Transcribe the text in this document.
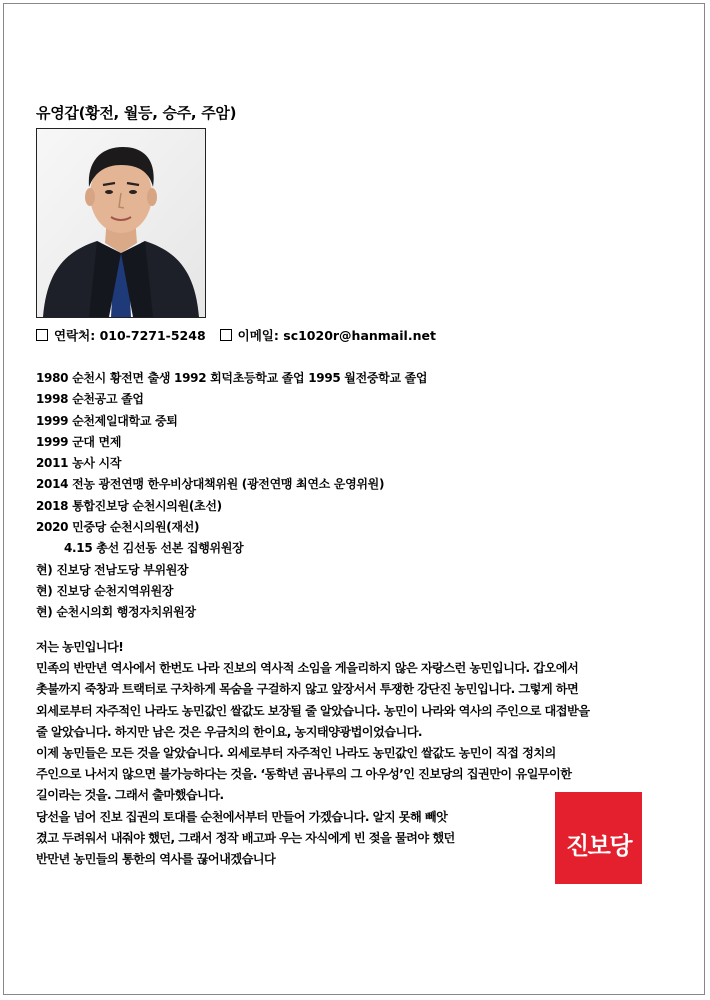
유영갑(황전, 월등, 승주, 주암)
연락처: 010-7271-5248	이메일: sc1020r@hanmail.net
1980 순천시 황전면 출생 1992 회덕초등학교 졸업 1995 월전중학교 졸업
1998 순천공고 졸업
1999 순천제일대학교 중퇴
1999 군대 면제
2011 농사 시작
2014 전농 광전연맹 한우비상대책위원 (광전연맹 최연소 운영위원)
2018 통합진보당 순천시의원(초선)
2020 민중당 순천시의원(재선)
4.15 총선 김선동 선본 집행위원장
현) 진보당 전남도당 부위원장
현) 진보당 순천지역위원장
현) 순천시의회 행정자치위원장
저는 농민입니다!
민족의 반만년 역사에서 한번도 나라 진보의 역사적 소임을 게을리하지 않은 자랑스런 농민입니다. 갑오에서
촛불까지 죽창과 트랙터로 구차하게 목숨을 구걸하지 않고 앞장서서 투쟁한 강단진 농민입니다. 그렇게 하면
외세로부터 자주적인 나라도 농민값인 쌀값도 보장될 줄 알았습니다. 농민이 나라와 역사의 주인으로 대접받을
줄 알았습니다. 하지만 남은 것은 우금치의 한이요, 농지태양광법이었습니다.
이제 농민들은 모든 것을 알았습니다. 외세로부터 자주적인 나라도 농민값인 쌀값도 농민이 직접 정치의
주인으로 나서지 않으면 불가능하다는 것을. ‘동학년 곰나루의 그 아우성’인 진보당의 집권만이 유일무이한
길이라는 것을. 그래서 출마했습니다.
당선을 넘어 진보 집권의 토대를 순천에서부터 만들어 가겠습니다. 알지 못해 빼앗
겼고 두려워서 내줘야 했던, 그래서 정작 배고파 우는 자식에게 빈 젖을 물려야 했던
반만년 농민들의 통한의 역사를 끊어내겠습니다	진보당
